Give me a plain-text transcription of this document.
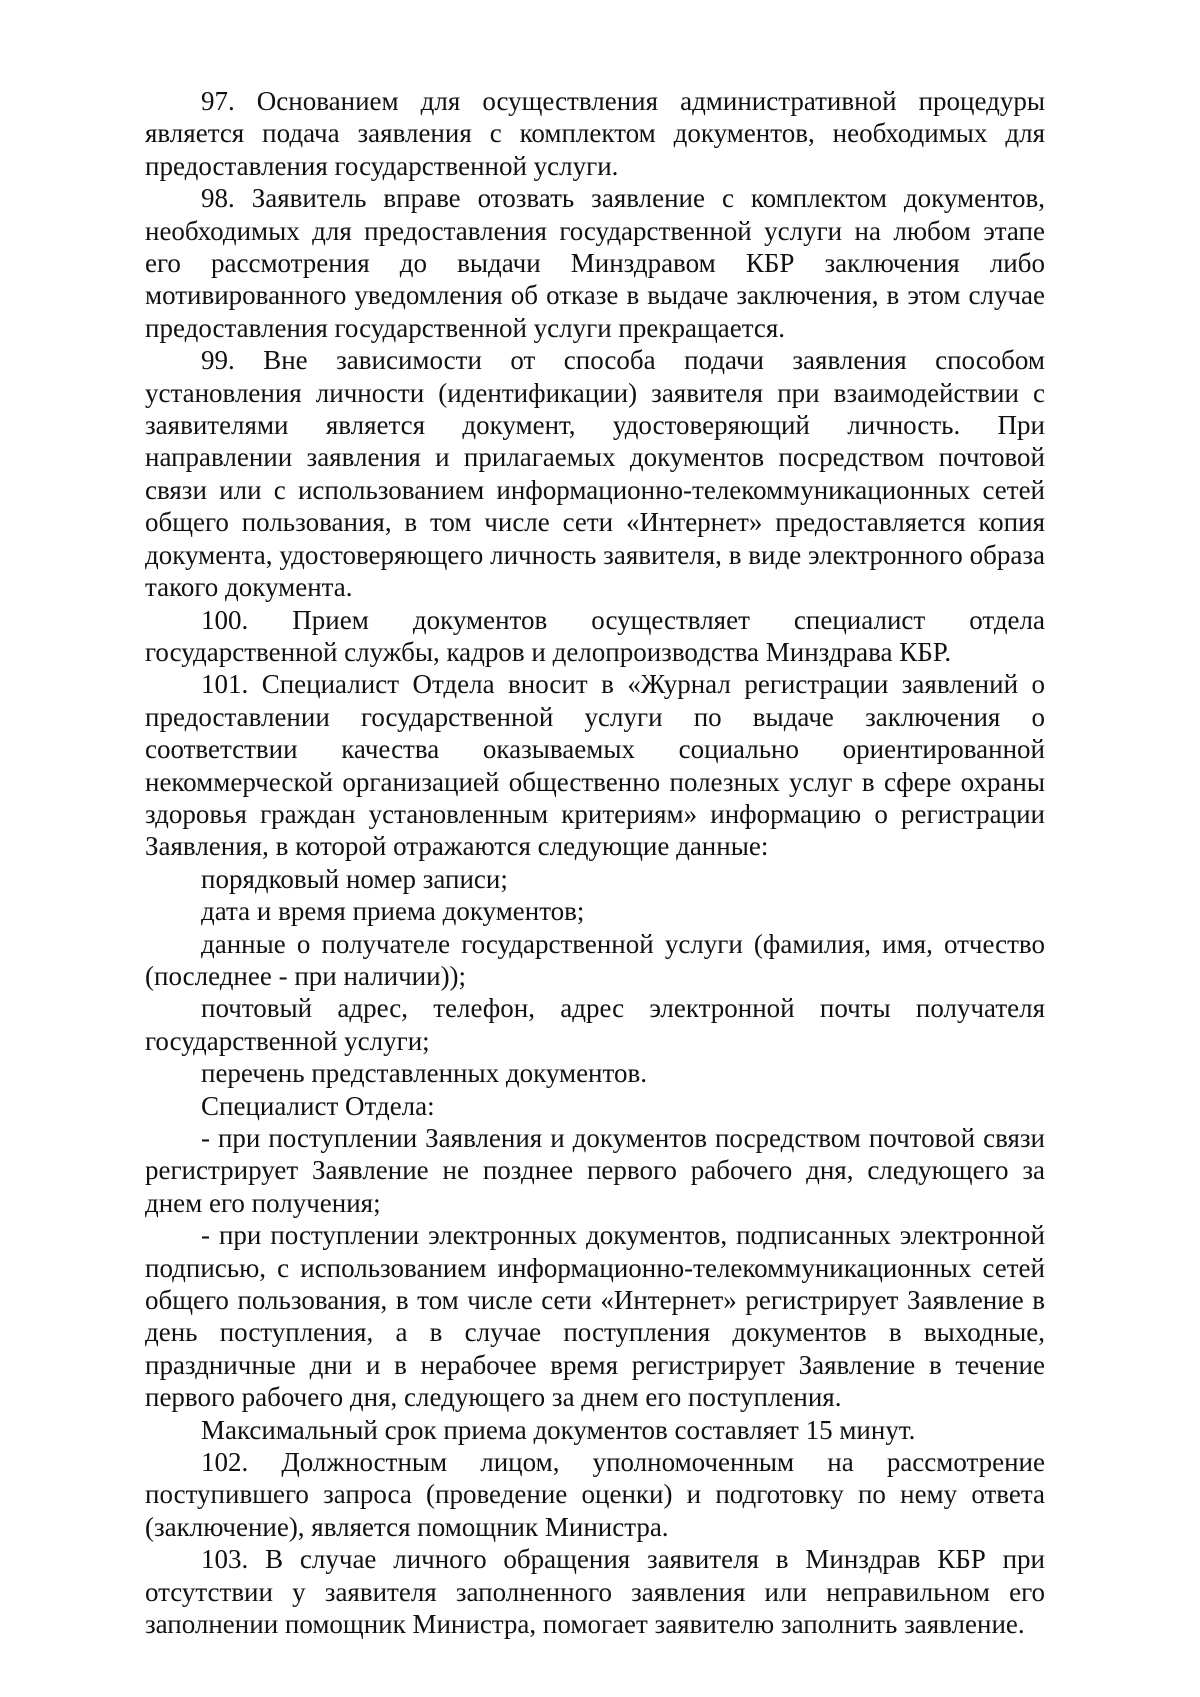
97. Основанием для осуществления административной процедуры является подача заявления с комплектом документов, необходимых для предоставления государственной услуги.

98. Заявитель вправе отозвать заявление с комплектом документов, необходимых для предоставления государственной услуги на любом этапе его рассмотрения до выдачи Минздравом КБР заключения либо мотивированного уведомления об отказе в выдаче заключения, в этом случае предоставления государственной услуги прекращается.

99. Вне зависимости от способа подачи заявления способом установления личности (идентификации) заявителя при взаимодействии с заявителями является документ, удостоверяющий личность. При направлении заявления и прилагаемых документов посредством почтовой связи или с использованием информационно-телекоммуникационных сетей общего пользования, в том числе сети «Интернет» предоставляется копия документа, удостоверяющего личность заявителя, в виде электронного образа такого документа.

100. Прием документов осуществляет специалист отдела государственной службы, кадров и делопроизводства Минздрава КБР.

101. Специалист Отдела вносит в «Журнал регистрации заявлений о предоставлении государственной услуги по выдаче заключения о соответствии качества оказываемых социально ориентированной некоммерческой организацией общественно полезных услуг в сфере охраны здоровья граждан установленным критериям» информацию о регистрации Заявления, в которой отражаются следующие данные:

порядковый номер записи;

дата и время приема документов;

данные о получателе государственной услуги (фамилия, имя, отчество (последнее - при наличии));

почтовый адрес, телефон, адрес электронной почты получателя государственной услуги;

перечень представленных документов.

Специалист Отдела:

- при поступлении Заявления и документов посредством почтовой связи регистрирует Заявление не позднее первого рабочего дня, следующего за днем его получения;

- при поступлении электронных документов, подписанных электронной подписью, с использованием информационно-телекоммуникационных сетей общего пользования, в том числе сети «Интернет» регистрирует Заявление в день поступления, а в случае поступления документов в выходные, праздничные дни и в нерабочее время регистрирует Заявление в течение первого рабочего дня, следующего за днем его поступления.

Максимальный срок приема документов составляет 15 минут.

102. Должностным лицом, уполномоченным на рассмотрение поступившего запроса (проведение оценки) и подготовку по нему ответа (заключение), является помощник Министра.

103. В случае личного обращения заявителя в Минздрав КБР при отсутствии у заявителя заполненного заявления или неправильном его заполнении помощник Министра, помогает заявителю заполнить заявление.
